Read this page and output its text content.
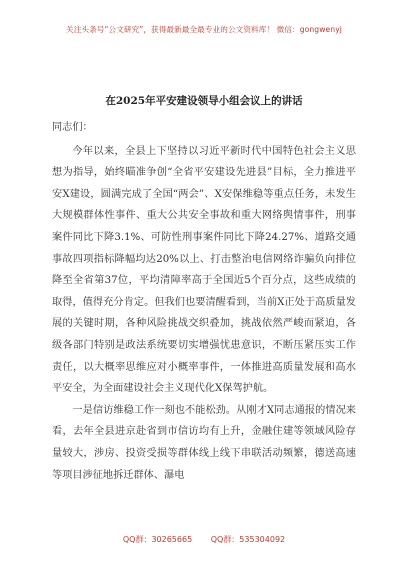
关注头条号“公文研究”，获得最新最全最专业的公文资料库！ 微信：gongwenyj
在2025年平安建设领导小组会议上的讲话

同志们：

今年以来，全县上下坚持以习近平新时代中国特色社会主义思想为指导，始终瞄准争创“全省平安建设先进县”目标，全力推进平安X建设，圆满完成了全国“两会”、X安保维稳等重点任务，未发生大规模群体性事件、重大公共安全事故和重大网络舆情事件，刑事案件同比下降3.1%、可防性刑事案件同比下降24.27%、道路交通事故四项指标降幅均达20%以上、打击整治电信网络诈骗负向排位降至全省第37位，平均清障率高于全国近5个百分点，这些成绩的取得，值得充分肯定。但我们也要清醒看到，当前X正处于高质量发展的关键时期，各种风险挑战交织叠加，挑战依然严峻而紧迫，各级各部门特别是政法系统要切实增强忧患意识，不断压紧压实工作责任，以大概率思维应对小概率事件，一体推进高质量发展和高水平安全，为全面建设社会主义现代化X保驾护航。

一是信访维稳工作一刻也不能松劲。从刚才X同志通报的情况来看，去年全县进京赴省到市信访均有上升，金融住建等领域风险存量较大，涉房、投资受损等群体线上线下串联活动频繁，德送高速等项目涉征地拆迁群体、瀑电

QQ群：30265665 QQ群：535304092
